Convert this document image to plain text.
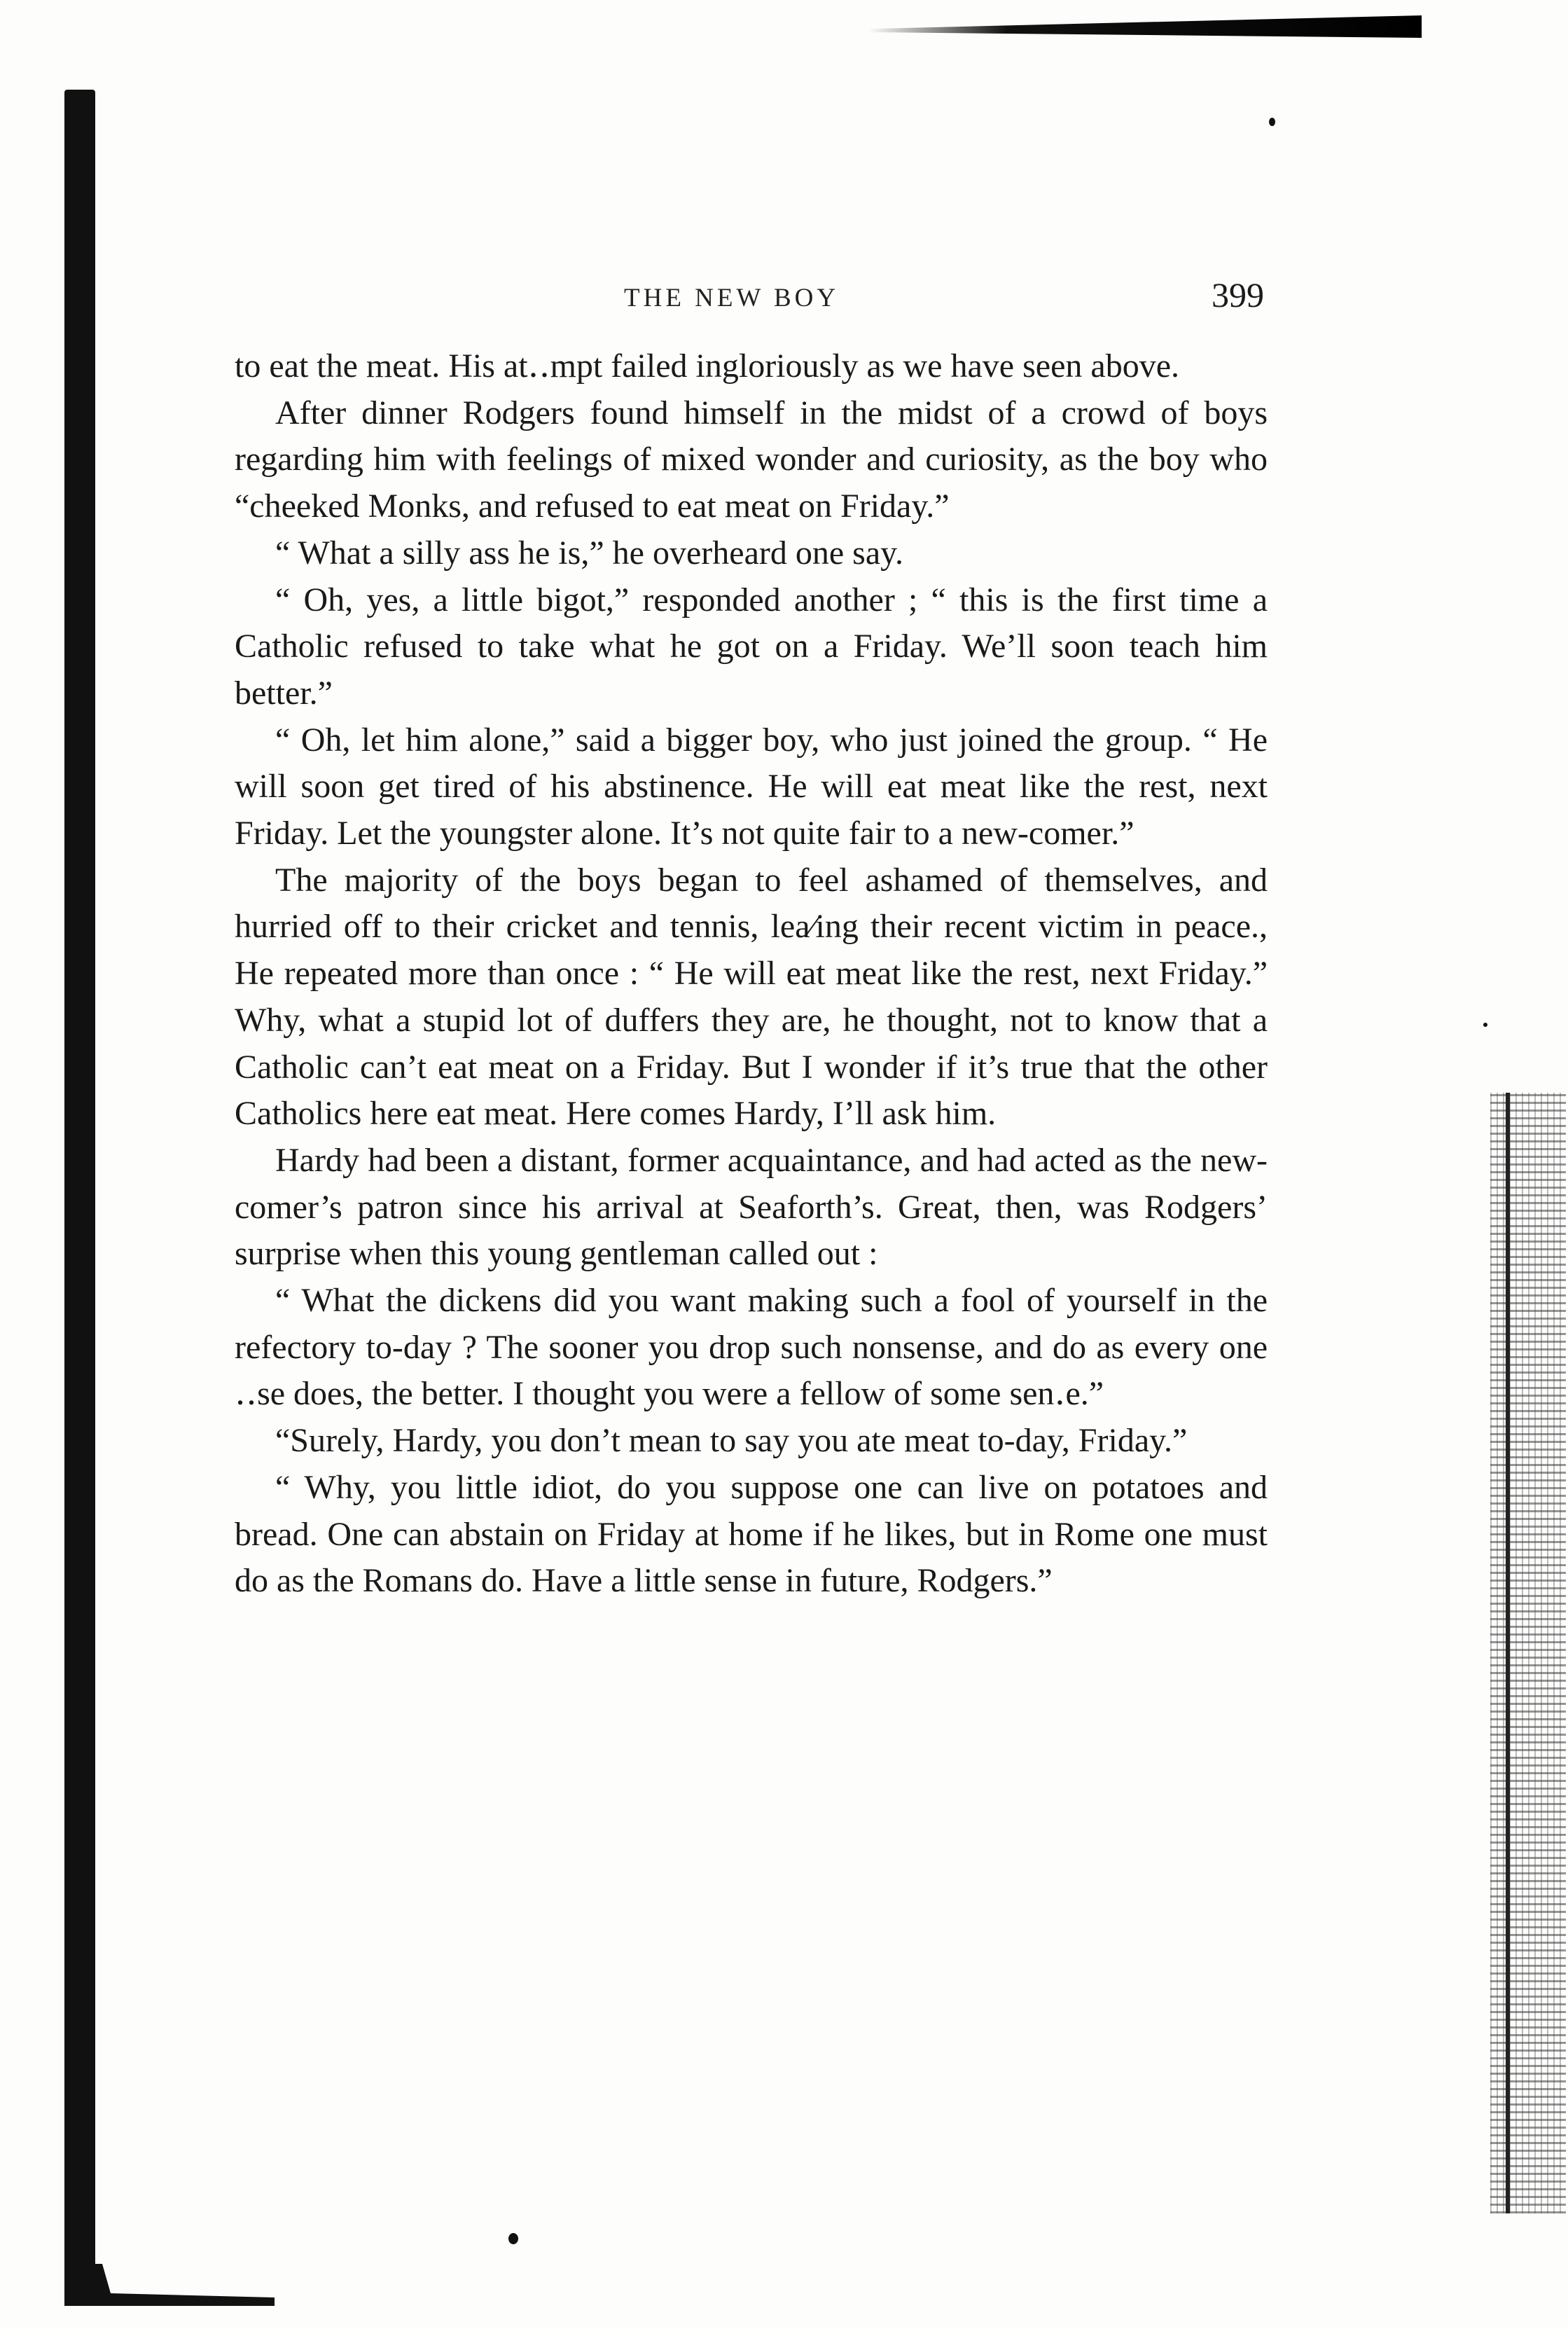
THE NEW BOY	399

to eat the meat. His at․․mpt failed ingloriously as we have seen above.

After dinner Rodgers found himself in the midst of a crowd of boys regarding him with feelings of mixed wonder and curiosity, as the boy who “cheeked Monks, and refused to eat meat on Friday.”

“ What a silly ass he is,” he overheard one say.

“ Oh, yes, a little bigot,” responded another ; “ this is the first time a Catholic refused to take what he got on a Friday. We’ll soon teach him better.”

“ Oh, let him alone,” said a bigger boy, who just joined the group. “ He will soon get tired of his abstinence. He will eat meat like the rest, next Friday. Let the youngster alone. It’s not quite fair to a new-comer.”

The majority of the boys began to feel ashamed of themselves, and hurried off to their cricket and tennis, lea⁄ing their recent victim in peace., He repeated more than once : “ He will eat meat like the rest, next Friday.” Why, what a stupid lot of duffers they are, he thought, not to know that a Catholic can’t eat meat on a Friday. But I wonder if it’s true that the other Catholics here eat meat. Here comes Hardy, I’ll ask him.

Hardy had been a distant, former acquaintance, and had acted as the new-comer’s patron since his arrival at Seaforth’s. Great, then, was Rodgers’ surprise when this young gentleman called out :

“ What the dickens did you want making such a fool of yourself in the refectory to-day ? The sooner you drop such nonsense, and do as every one ․․se does, the better. I thought you were a fellow of some sen․e.”

“Surely, Hardy, you don’t mean to say you ate meat to-day, Friday.”

“ Why, you little idiot, do you suppose one can live on potatoes and bread. One can abstain on Friday at home if he likes, but in Rome one must do as the Romans do. Have a little sense in future, Rodgers.”
